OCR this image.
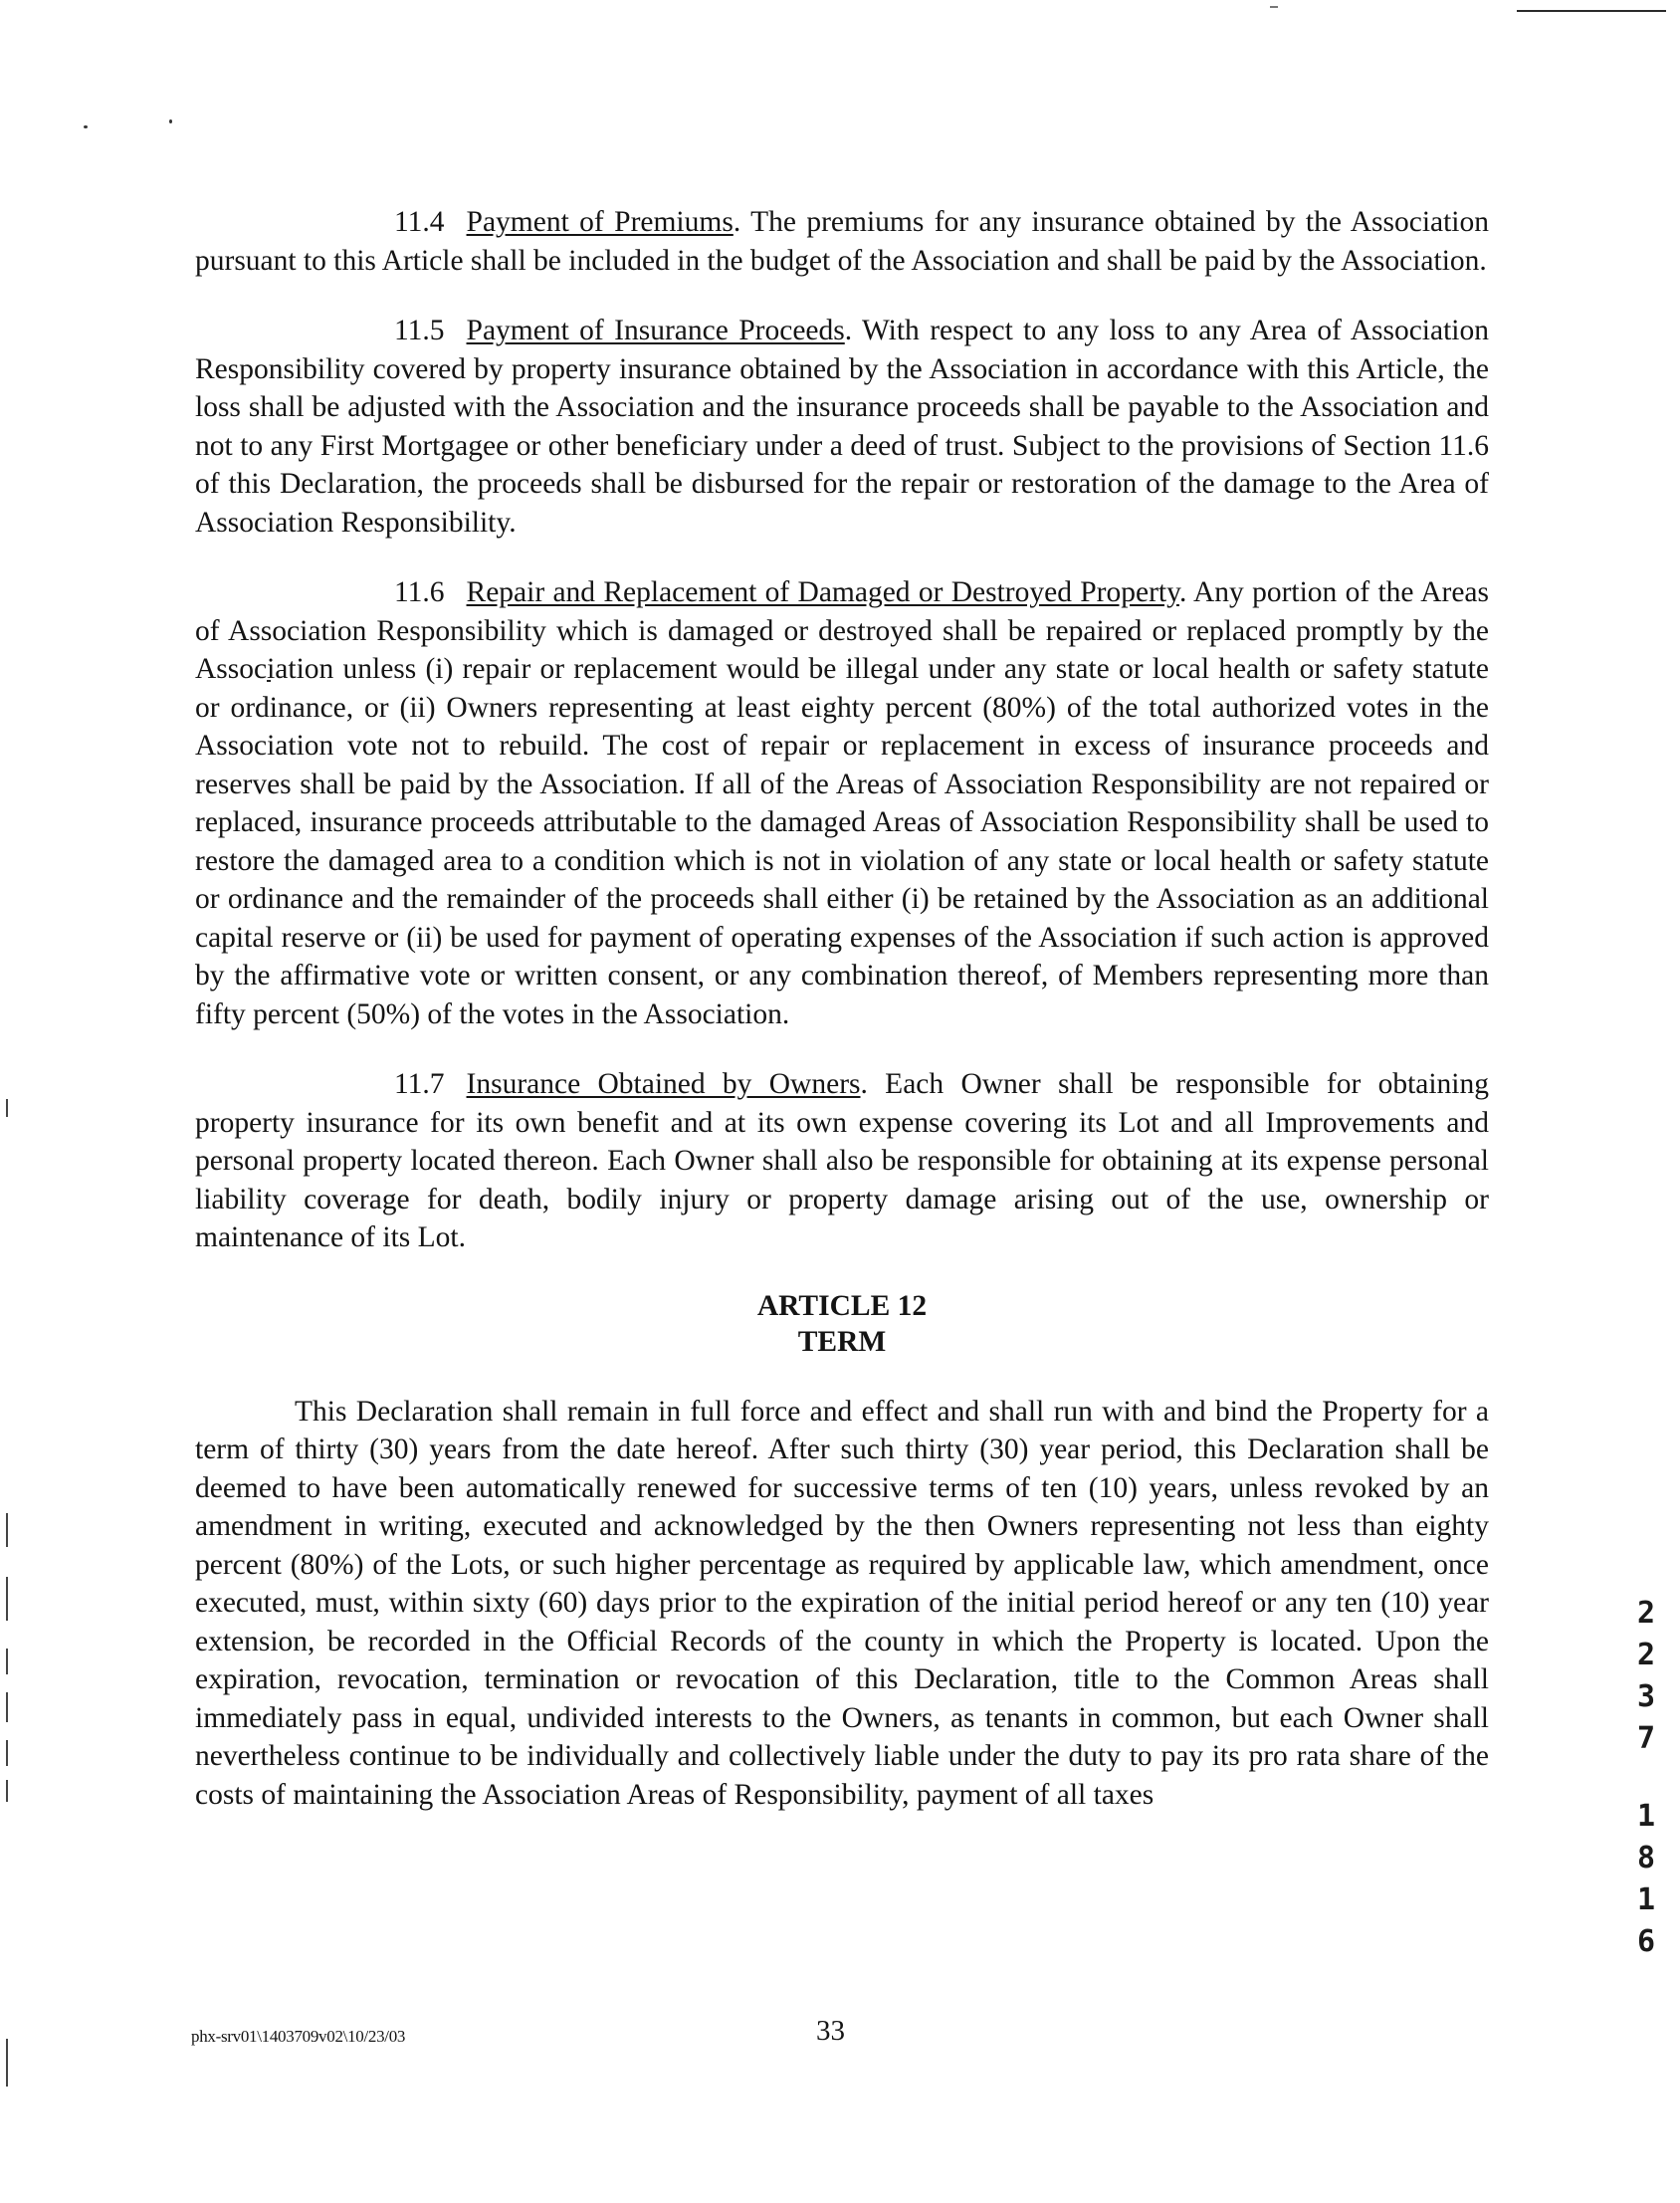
11.4 Payment of Premiums. The premiums for any insurance obtained by the Association pursuant to this Article shall be included in the budget of the Association and shall be paid by the Association.

11.5 Payment of Insurance Proceeds. With respect to any loss to any Area of Association Responsibility covered by property insurance obtained by the Association in accordance with this Article, the loss shall be adjusted with the Association and the insurance proceeds shall be payable to the Association and not to any First Mortgagee or other beneficiary under a deed of trust. Subject to the provisions of Section 11.6 of this Declaration, the proceeds shall be disbursed for the repair or restoration of the damage to the Area of Association Responsibility.

11.6 Repair and Replacement of Damaged or Destroyed Property. Any portion of the Areas of Association Responsibility which is damaged or destroyed shall be repaired or replaced promptly by the Association unless (i) repair or replacement would be illegal under any state or local health or safety statute or ordinance, or (ii) Owners representing at least eighty percent (80%) of the total authorized votes in the Association vote not to rebuild. The cost of repair or replacement in excess of insurance proceeds and reserves shall be paid by the Association. If all of the Areas of Association Responsibility are not repaired or replaced, insurance proceeds attributable to the damaged Areas of Association Responsibility shall be used to restore the damaged area to a condition which is not in violation of any state or local health or safety statute or ordinance and the remainder of the proceeds shall either (i) be retained by the Association as an additional capital reserve or (ii) be used for payment of operating expenses of the Association if such action is approved by the affirmative vote or written consent, or any combination thereof, of Members representing more than fifty percent (50%) of the votes in the Association.

11.7 Insurance Obtained by Owners. Each Owner shall be responsible for obtaining property insurance for its own benefit and at its own expense covering its Lot and all Improvements and personal property located thereon. Each Owner shall also be responsible for obtaining at its expense personal liability coverage for death, bodily injury or property damage arising out of the use, ownership or maintenance of its Lot.

ARTICLE 12
TERM

This Declaration shall remain in full force and effect and shall run with and bind the Property for a term of thirty (30) years from the date hereof. After such thirty (30) year period, this Declaration shall be deemed to have been automatically renewed for successive terms of ten (10) years, unless revoked by an amendment in writing, executed and acknowledged by the then Owners representing not less than eighty percent (80%) of the Lots, or such higher percentage as required by applicable law, which amendment, once executed, must, within sixty (60) days prior to the expiration of the initial period hereof or any ten (10) year extension, be recorded in the Official Records of the county in which the Property is located. Upon the expiration, revocation, termination or revocation of this Declaration, title to the Common Areas shall immediately pass in equal, undivided interests to the Owners, as tenants in common, but each Owner shall nevertheless continue to be individually and collectively liable under the duty to pay its pro rata share of the costs of maintaining the Association Areas of Responsibility, payment of all taxes

phx-srv01\1403709v02\10/23/03	33
2
2
3
7
1
8
1
6
